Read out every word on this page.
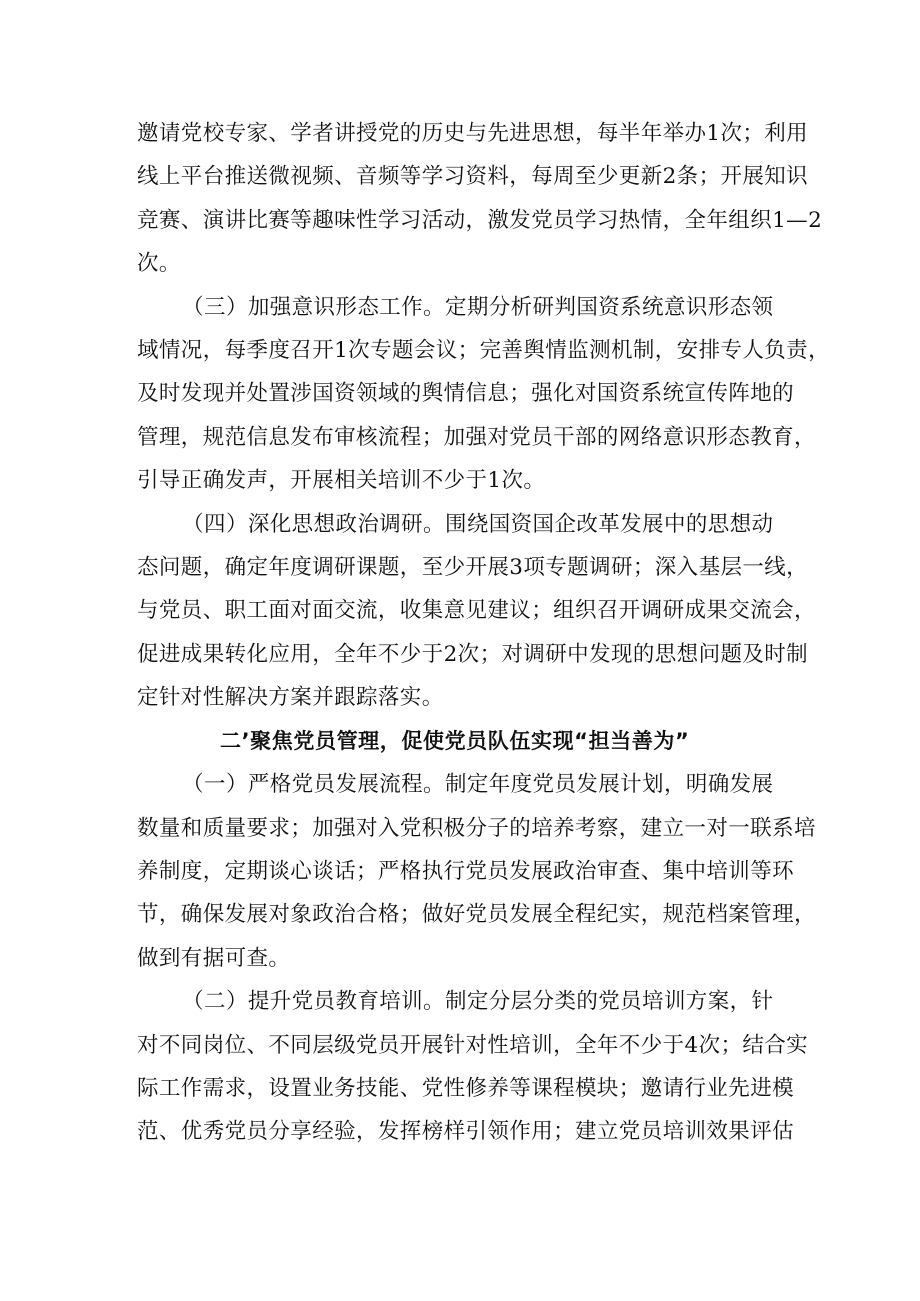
邀请党校专家、学者讲授党的历史与先进思想，每半年举办1次；利用
线上平台推送微视频、音频等学习资料，每周至少更新2条；开展知识
竞赛、演讲比赛等趣味性学习活动，激发党员学习热情，全年组织1—2
次。

（三）加强意识形态工作。定期分析研判国资系统意识形态领
域情况，每季度召开1次专题会议；完善舆情监测机制，安排专人负责，
及时发现并处置涉国资领域的舆情信息；强化对国资系统宣传阵地的
管理，规范信息发布审核流程；加强对党员干部的网络意识形态教育，
引导正确发声，开展相关培训不少于1次。

（四）深化思想政治调研。围绕国资国企改革发展中的思想动
态问题，确定年度调研课题，至少开展3项专题调研；深入基层一线，
与党员、职工面对面交流，收集意见建议；组织召开调研成果交流会，
促进成果转化应用，全年不少于2次；对调研中发现的思想问题及时制
定针对性解决方案并跟踪落实。

二’聚焦党员管理，促使党员队伍实现“担当善为”

（一）严格党员发展流程。制定年度党员发展计划，明确发展
数量和质量要求；加强对入党积极分子的培养考察，建立一对一联系培
养制度，定期谈心谈话；严格执行党员发展政治审查、集中培训等环
节，确保发展对象政治合格；做好党员发展全程纪实，规范档案管理，
做到有据可查。

（二）提升党员教育培训。制定分层分类的党员培训方案，针
对不同岗位、不同层级党员开展针对性培训，全年不少于4次；结合实
际工作需求，设置业务技能、党性修养等课程模块；邀请行业先进模
范、优秀党员分享经验，发挥榜样引领作用；建立党员培训效果评估
